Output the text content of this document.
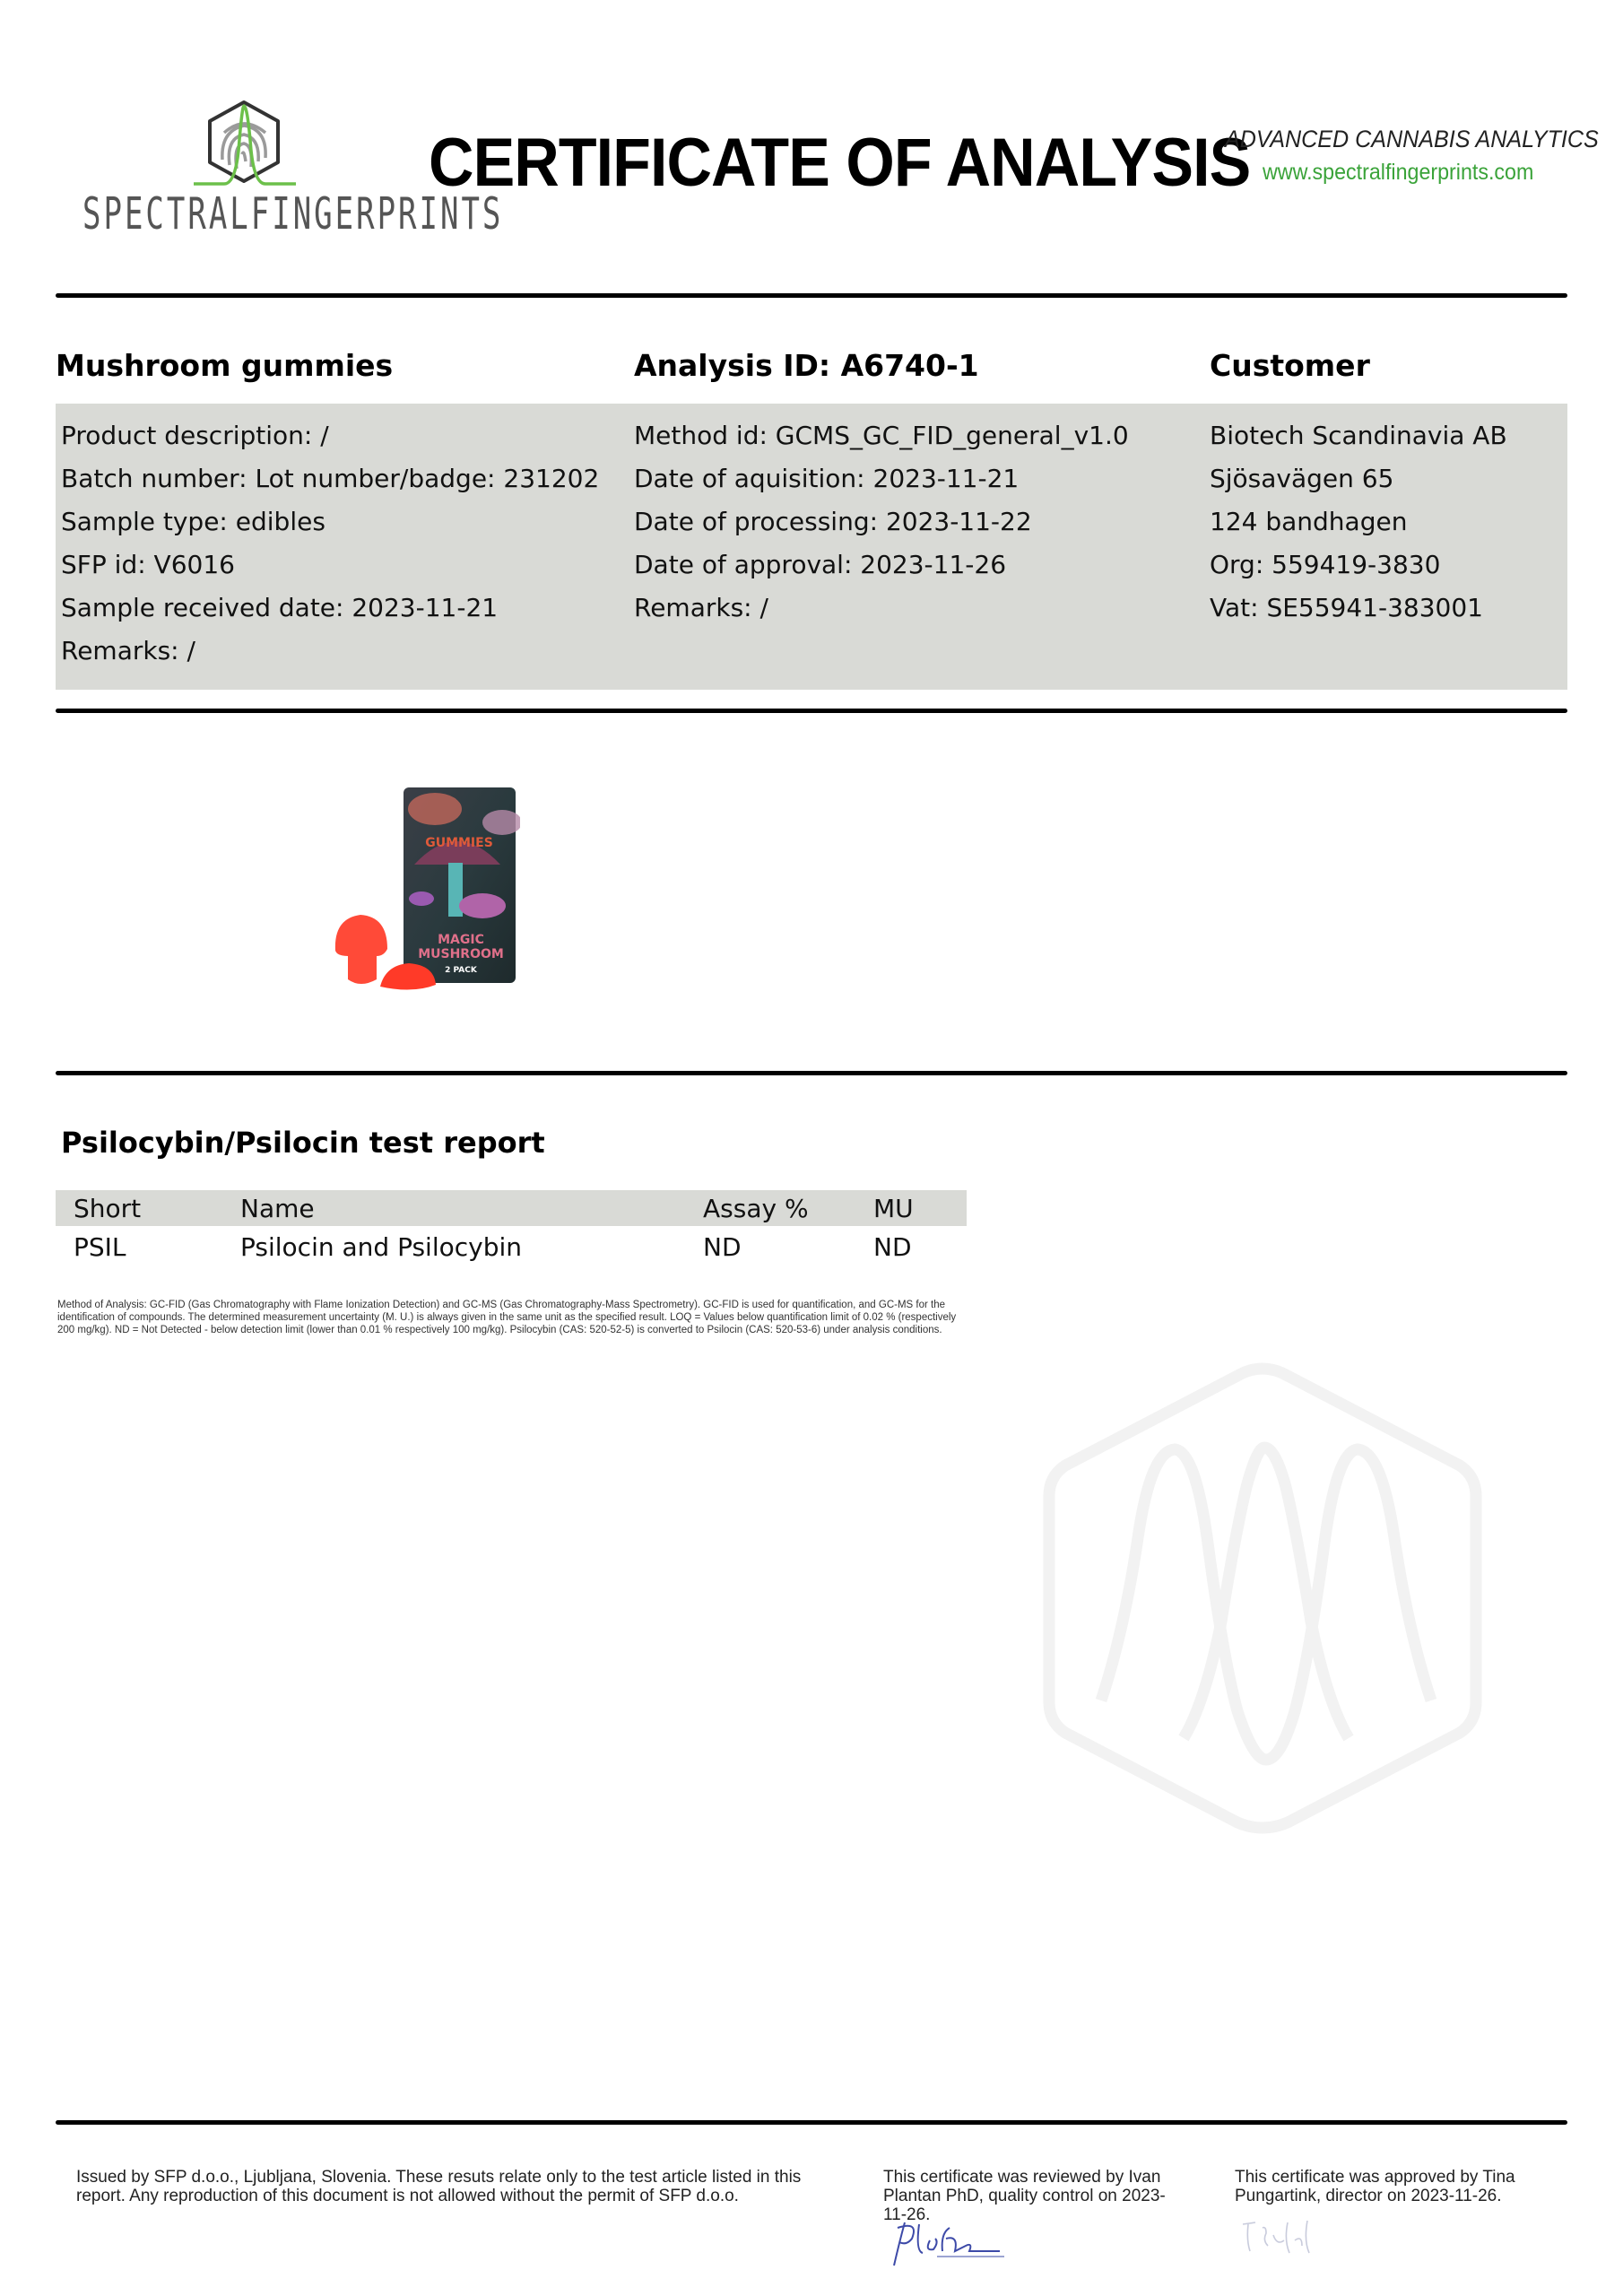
SPECTRALFINGERPRINTS
CERTIFICATE OF ANALYSIS
ADVANCED CANNABIS ANALYTICS
www.spectralfingerprints.com
Mushroom gummies	Analysis ID: A6740-1	Customer
Product description: /
Batch number: Lot number/badge: 231202
Sample type: edibles
SFP id: V6016
Sample received date: 2023-11-21
Remarks: /
Method id: GCMS_GC_FID_general_v1.0
Date of aquisition: 2023-11-21
Date of processing: 2023-11-22
Date of approval: 2023-11-26
Remarks: /
Biotech Scandinavia AB
Sjösavägen 65
124 bandhagen
Org: 559419-3830
Vat: SE55941-383001
GUMMIES
MAGIC
MUSHROOM
2 PACK
Psilocybin/Psilocin test report
Short	Name	Assay %	MU
PSIL	Psilocin and Psilocybin	ND	ND
Method of Analysis: GC-FID (Gas Chromatography with Flame Ionization Detection) and GC-MS (Gas Chromatography-Mass Spectrometry). GC-FID is used for quantification, and GC-MS for the identification of compounds. The determined measurement uncertainty (M. U.) is always given in the same unit as the specified result. LOQ = Values below quantification limit of 0.02 % (respectively 200 mg/kg). ND = Not Detected - below detection limit (lower than 0.01 % respectively 100 mg/kg). Psilocybin (CAS: 520-52-5) is converted to Psilocin (CAS: 520-53-6) under analysis conditions.
Issued by SFP d.o.o., Ljubljana, Slovenia. These resuts relate only to the test article listed in this report. Any reproduction of this document is not allowed without the permit of SFP d.o.o.
This certificate was reviewed by Ivan Plantan PhD, quality control on 2023-11-26.
This certificate was approved by Tina Pungartink, director on 2023-11-26.
